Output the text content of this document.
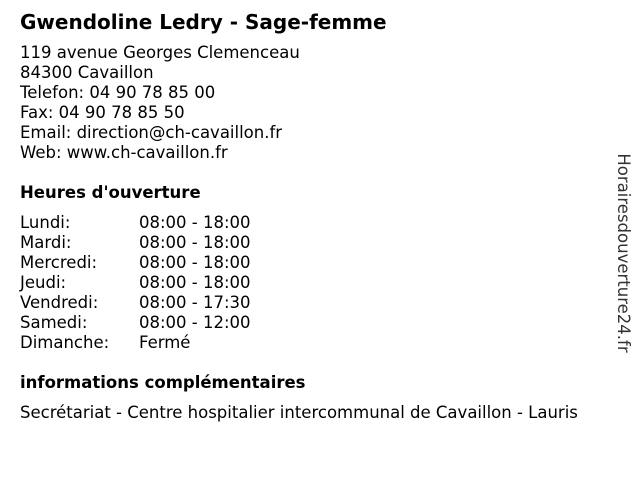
Gwendoline Ledry - Sage-femme
119 avenue Georges Clemenceau
84300 Cavaillon
Telefon: 04 90 78 85 00
Fax: 04 90 78 85 50
Email: direction@ch-cavaillon.fr
Web: www.ch-cavaillon.fr
Heures d'ouverture
Lundi:	08:00 - 18:00
Mardi:	08:00 - 18:00
Mercredi:	08:00 - 18:00
Jeudi:	08:00 - 18:00
Vendredi:	08:00 - 17:30
Samedi:	08:00 - 12:00
Dimanche:	Fermé
informations complémentaires
Secrétariat - Centre hospitalier intercommunal de Cavaillon - Lauris
Horairesdouverture24.fr
